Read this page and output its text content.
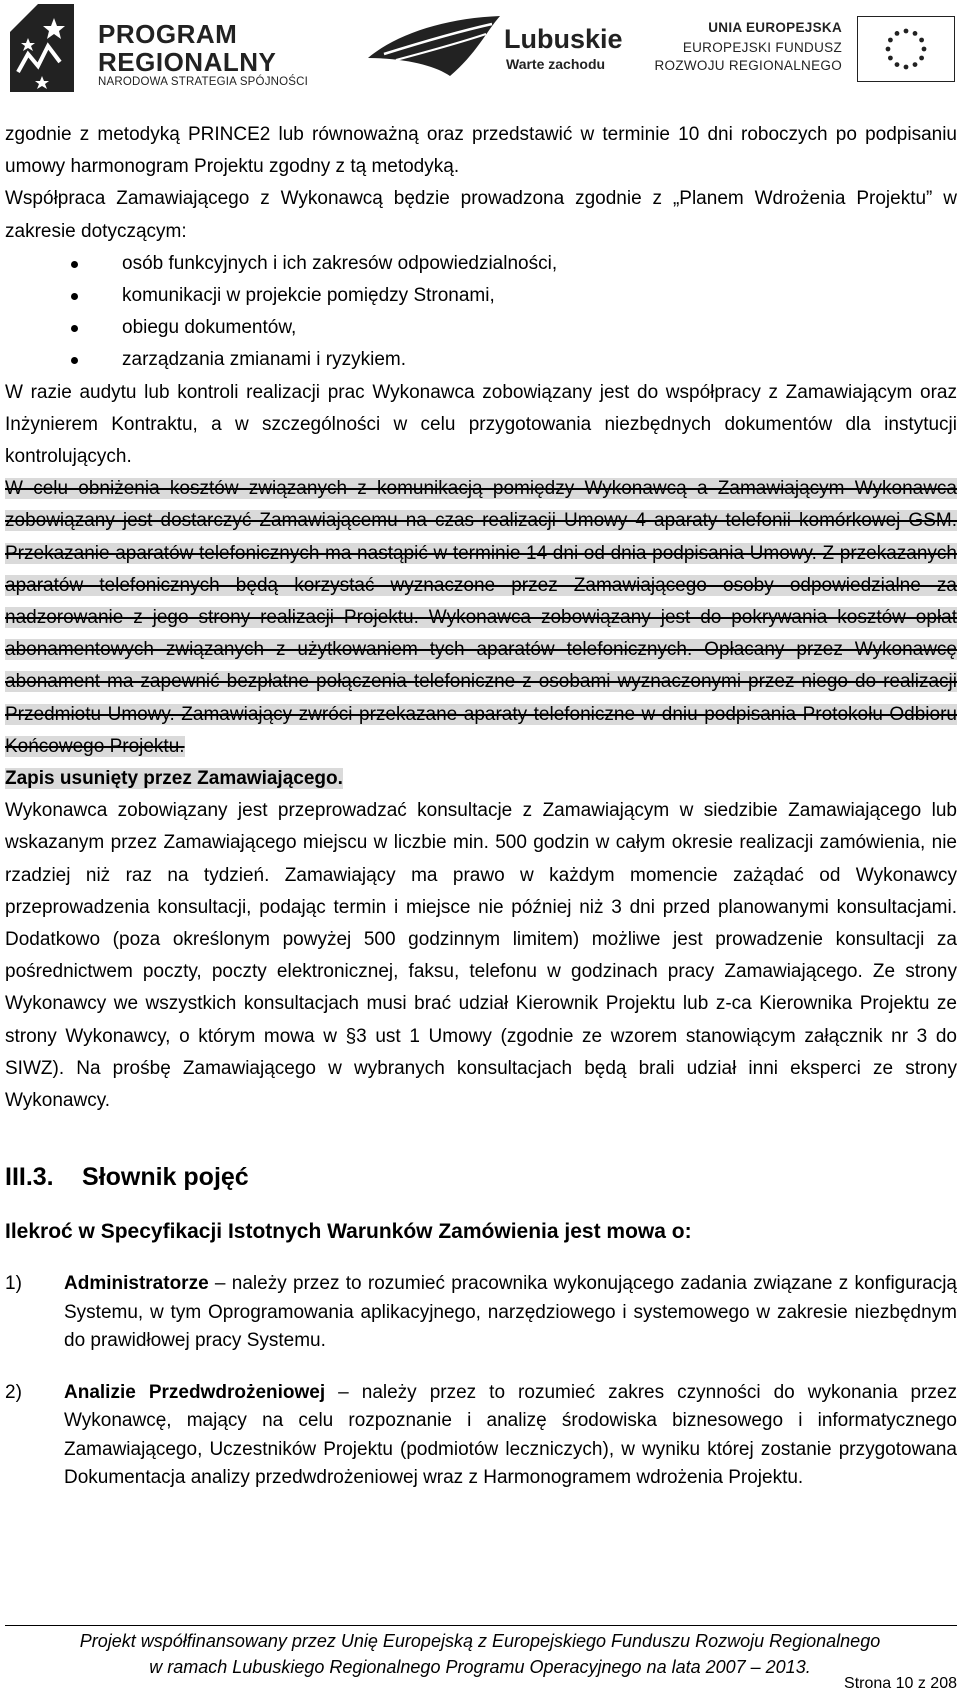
PROGRAM
REGIONALNY
NARODOWA STRATEGIA SPÓJNOŚCI
Lubuskie
Warte zachodu
UNIA EUROPEJSKA
EUROPEJSKI FUNDUSZ
ROZWOJU REGIONALNEGO

zgodnie z metodyką PRINCE2 lub równoważną oraz przedstawić w terminie 10 dni roboczych po podpisaniu umowy harmonogram Projektu zgodny z tą metodyką.

Współpraca Zamawiającego z Wykonawcą będzie prowadzona zgodnie z „Planem Wdrożenia Projektu” w zakresie dotyczącym:

osób funkcyjnych i ich zakresów odpowiedzialności,
komunikacji w projekcie pomiędzy Stronami,
obiegu dokumentów,
zarządzania zmianami i ryzykiem.

W razie audytu lub kontroli realizacji prac Wykonawca zobowiązany jest do współpracy z Zamawiającym oraz Inżynierem Kontraktu, a w szczególności w celu przygotowania niezbędnych dokumentów dla instytucji kontrolujących.

W celu obniżenia kosztów związanych z komunikacją pomiędzy Wykonawcą a Zamawiającym Wykonawca zobowiązany jest dostarczyć Zamawiającemu na czas realizacji Umowy 4 aparaty telefonii komórkowej GSM. Przekazanie aparatów telefonicznych ma nastąpić w terminie 14 dni od dnia podpisania Umowy. Z przekazanych aparatów telefonicznych będą korzystać wyznaczone przez Zamawiającego osoby odpowiedzialne za nadzorowanie z jego strony realizacji Projektu. Wykonawca zobowiązany jest do pokrywania kosztów opłat abonamentowych związanych z użytkowaniem tych aparatów telefonicznych. Opłacany przez Wykonawcę abonament ma zapewnić bezpłatne połączenia telefoniczne z osobami wyznaczonymi przez niego do realizacji Przedmiotu Umowy. Zamawiający zwróci przekazane aparaty telefoniczne w dniu podpisania Protokołu Odbioru Końcowego Projektu.
Zapis usunięty przez Zamawiającego.

Wykonawca zobowiązany jest przeprowadzać konsultacje z Zamawiającym w siedzibie Zamawiającego lub wskazanym przez Zamawiającego miejscu w liczbie min. 500 godzin w całym okresie realizacji zamówienia, nie rzadziej niż raz na tydzień. Zamawiający ma prawo w każdym momencie zażądać od Wykonawcy przeprowadzenia konsultacji, podając termin i miejsce nie później niż 3 dni przed planowanymi konsultacjami. Dodatkowo (poza określonym powyżej 500 godzinnym limitem) możliwe jest prowadzenie konsultacji za pośrednictwem poczty, poczty elektronicznej, faksu, telefonu w godzinach pracy Zamawiającego. Ze strony Wykonawcy we wszystkich konsultacjach musi brać udział Kierownik Projektu lub z-ca Kierownika Projektu ze strony Wykonawcy, o którym mowa w §3 ust 1 Umowy (zgodnie ze wzorem stanowiącym załącznik nr 3 do SIWZ). Na prośbę Zamawiającego w wybranych konsultacjach będą brali udział inni eksperci ze strony Wykonawcy.

III.3. Słownik pojęć
Ilekroć w Specyfikacji Istotnych Warunków Zamówienia jest mowa o:
1) Administratorze – należy przez to rozumieć pracownika wykonującego zadania związane z konfiguracją Systemu, w tym Oprogramowania aplikacyjnego, narzędziowego i systemowego w zakresie niezbędnym do prawidłowej pracy Systemu.
2) Analizie Przedwdrożeniowej – należy przez to rozumieć zakres czynności do wykonania przez Wykonawcę, mający na celu rozpoznanie i analizę środowiska biznesowego i informatycznego Zamawiającego, Uczestników Projektu (podmiotów leczniczych), w wyniku której zostanie przygotowana Dokumentacja analizy przedwdrożeniowej wraz z Harmonogramem wdrożenia Projektu.
Projekt współfinansowany przez Unię Europejską z Europejskiego Funduszu Rozwoju Regionalnego
w ramach Lubuskiego Regionalnego Programu Operacyjnego na lata 2007 – 2013.
Strona 10 z 208
